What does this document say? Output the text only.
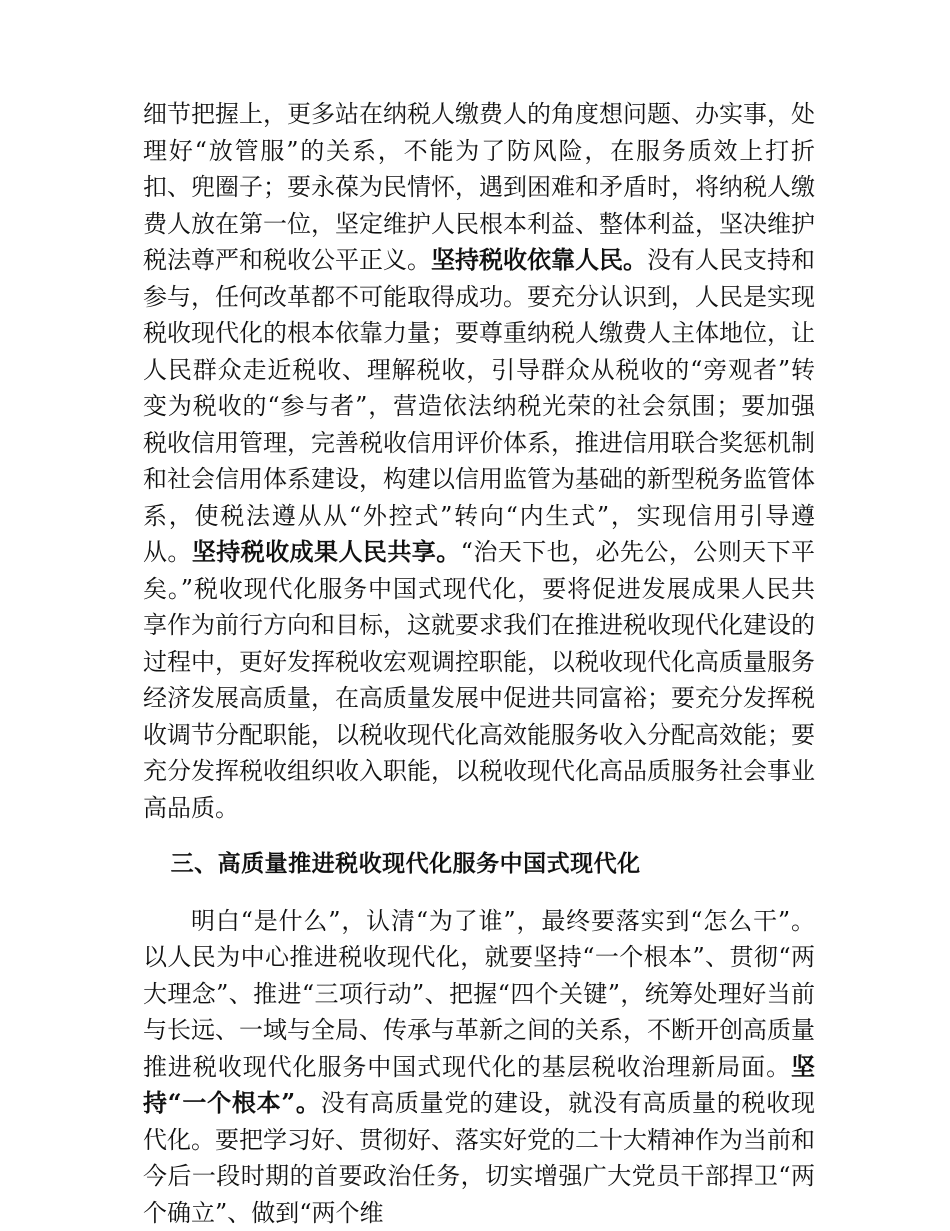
细节把握上，更多站在纳税人缴费人的角度想问题、办实事，处理好“放管服”的关系，不能为了防风险，在服务质效上打折扣、兜圈子；要永葆为民情怀，遇到困难和矛盾时，将纳税人缴费人放在第一位，坚定维护人民根本利益、整体利益，坚决维护税法尊严和税收公平正义。坚持税收依靠人民。没有人民支持和参与，任何改革都不可能取得成功。要充分认识到，人民是实现税收现代化的根本依靠力量；要尊重纳税人缴费人主体地位，让人民群众走近税收、理解税收，引导群众从税收的“旁观者”转变为税收的“参与者”，营造依法纳税光荣的社会氛围；要加强税收信用管理，完善税收信用评价体系，推进信用联合奖惩机制和社会信用体系建设，构建以信用监管为基础的新型税务监管体系，使税法遵从从“外控式”转向“内生式”，实现信用引导遵从。坚持税收成果人民共享。“治天下也，必先公，公则天下平矣。”税收现代化服务中国式现代化，要将促进发展成果人民共享作为前行方向和目标，这就要求我们在推进税收现代化建设的过程中，更好发挥税收宏观调控职能，以税收现代化高质量服务经济发展高质量，在高质量发展中促进共同富裕；要充分发挥税收调节分配职能，以税收现代化高效能服务收入分配高效能；要充分发挥税收组织收入职能，以税收现代化高品质服务社会事业高品质。

三、高质量推进税收现代化服务中国式现代化

明白“是什么”，认清“为了谁”，最终要落实到“怎么干”。以人民为中心推进税收现代化，就要坚持“一个根本”、贯彻“两大理念”、推进“三项行动”、把握“四个关键”，统筹处理好当前与长远、一域与全局、传承与革新之间的关系，不断开创高质量推进税收现代化服务中国式现代化的基层税收治理新局面。坚持“一个根本”。没有高质量党的建设，就没有高质量的税收现代化。要把学习好、贯彻好、落实好党的二十大精神作为当前和今后一段时期的首要政治任务，切实增强广大党员干部捍卫“两个确立”、做到“两个维
